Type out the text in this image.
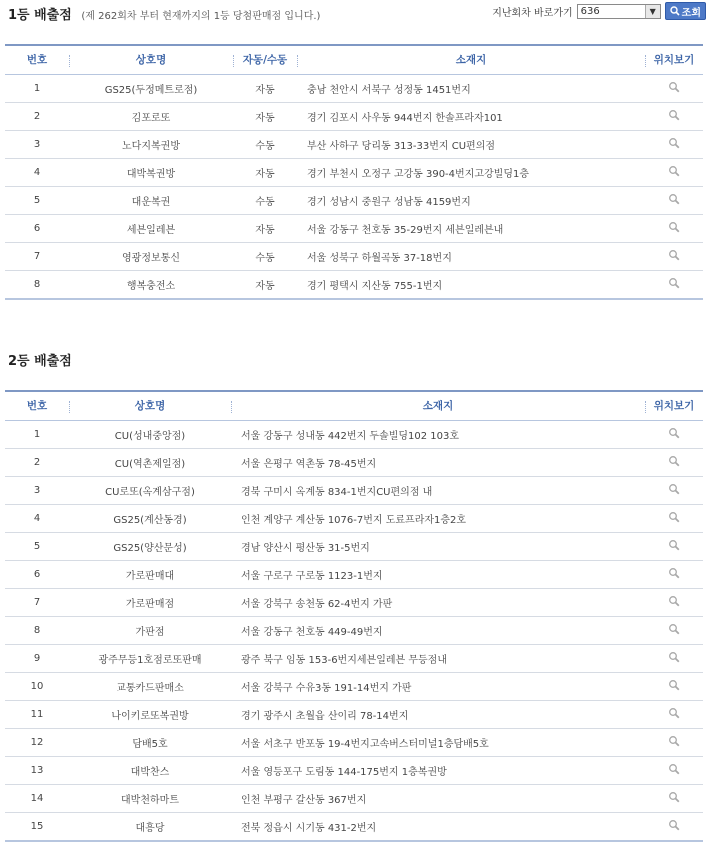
1등 배출점 (제 262회차 부터 현재까지의 1등 당첨판매점 입니다.)	지난회차 바로가기 636	▼	조회
번호	상호명	자동/수동	소재지	위치보기
1	GS25(두정메트로점)	자동	충남 천안시 서북구 성정동 1451번지	
2	김포로또	자동	경기 김포시 사우동 944번지 한솔프라자101	
3	노다지복권방	수동	부산 사하구 당리동 313-33번지 CU편의점	
4	대박복권방	자동	경기 부천시 오정구 고강동 390-4번지고강빌딩1층	
5	대운복권	수동	경기 성남시 중원구 성남동 4159번지	
6	세븐일레븐	자동	서울 강동구 천호동 35-29번지 세븐일레븐내	
7	영광정보통신	수동	서울 성북구 하월곡동 37-18번지	
8	행복충전소	자동	경기 평택시 지산동 755-1번지	
2등 배출점
번호	상호명	소재지	위치보기
1	CU(성내중앙점)	서울 강동구 성내동 442번지 두솔빌딩102 103호	
2	CU(역촌제일점)	서울 은평구 역촌동 78-45번지	
3	CU로또(옥계삼구점)	경북 구미시 옥계동 834-1번지CU편의점 내	
4	GS25(계산동경)	인천 계양구 계산동 1076-7번지 도료프라자1층2호	
5	GS25(양산문성)	경남 양산시 평산동 31-5번지	
6	가로판매대	서울 구로구 구로동 1123-1번지	
7	가로판매점	서울 강북구 송천동 62-4번지 가판	
8	가판점	서울 강동구 천호동 449-49번지	
9	광주무등1호점로또판매	광주 북구 임동 153-6번지세븐일레븐 무등점내	
10	교통카드판매소	서울 강북구 수유3동 191-14번지 가판	
11	나이키로또복권방	경기 광주시 초월읍 산이리 78-14번지	
12	담배5호	서울 서초구 반포동 19-4번지고속버스터미널1층담배5호	
13	대박찬스	서울 영등포구 도림동 144-175번지 1층복권방	
14	대박천하마트	인천 부평구 갈산동 367번지	
15	대흥당	전북 정읍시 시기동 431-2번지	
